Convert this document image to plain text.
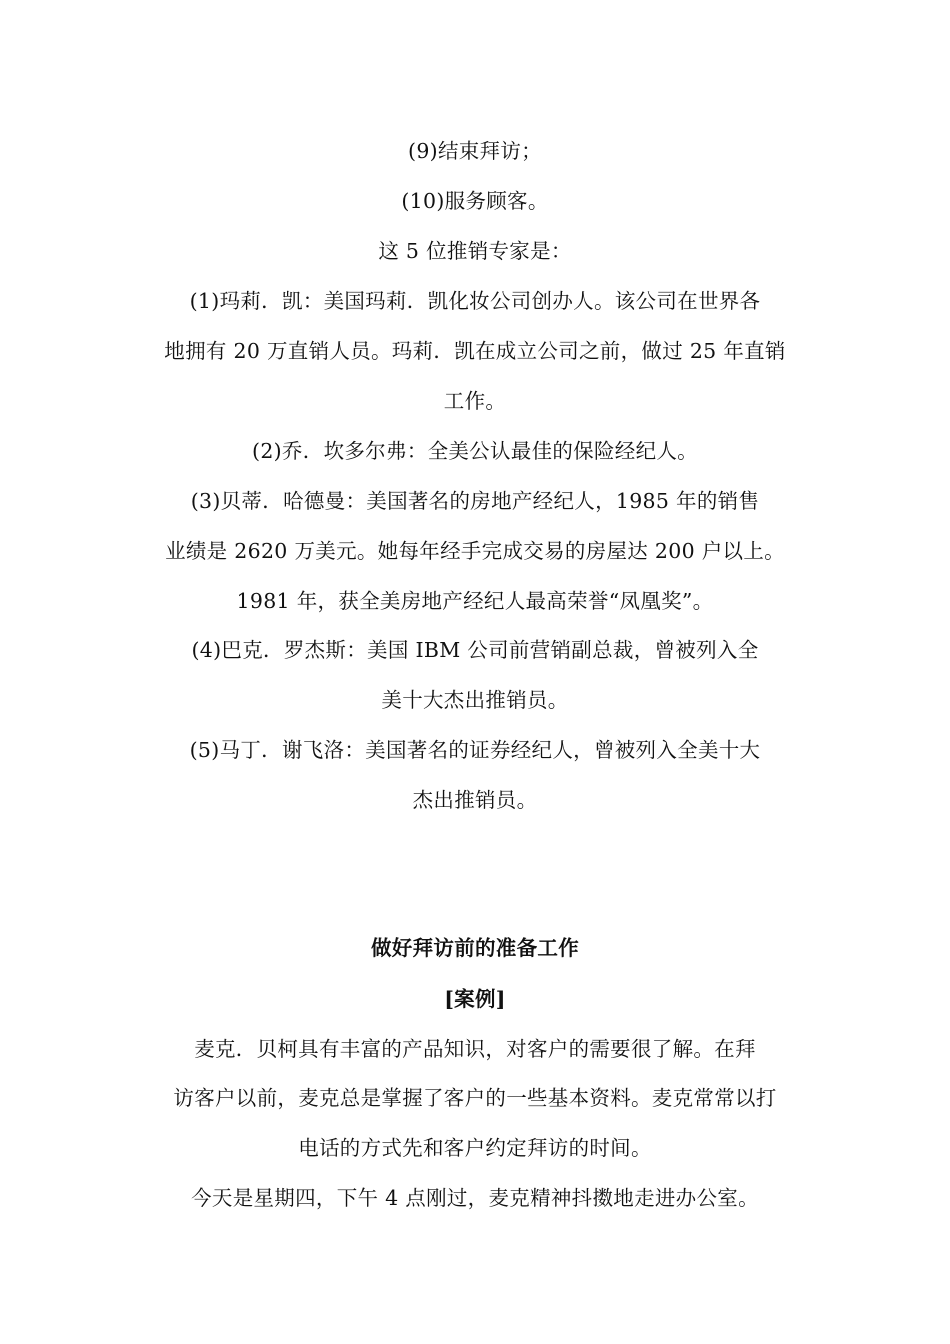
(9)结束拜访；
(10)服务顾客。
这 5 位推销专家是：
(1)玛莉．凯：美国玛莉．凯化妆公司创办人。该公司在世界各
地拥有 20 万直销人员。玛莉．凯在成立公司之前，做过 25 年直销
工作。
(2)乔．坎多尔弗：全美公认最佳的保险经纪人。
(3)贝蒂．哈德曼：美国著名的房地产经纪人，1985 年的销售
业绩是 2620 万美元。她每年经手完成交易的房屋达 200 户以上。
1981 年，获全美房地产经纪人最高荣誉“凤凰奖”。
(4)巴克．罗杰斯：美国 IBM 公司前营销副总裁，曾被列入全
美十大杰出推销员。
(5)马丁．谢飞洛：美国著名的证券经纪人，曾被列入全美十大
杰出推销员。
做好拜访前的准备工作
[案例]
麦克．贝柯具有丰富的产品知识，对客户的需要很了解。在拜
访客户以前，麦克总是掌握了客户的一些基本资料。麦克常常以打
电话的方式先和客户约定拜访的时间。
今天是星期四，下午 4 点刚过，麦克精神抖擞地走进办公室。
